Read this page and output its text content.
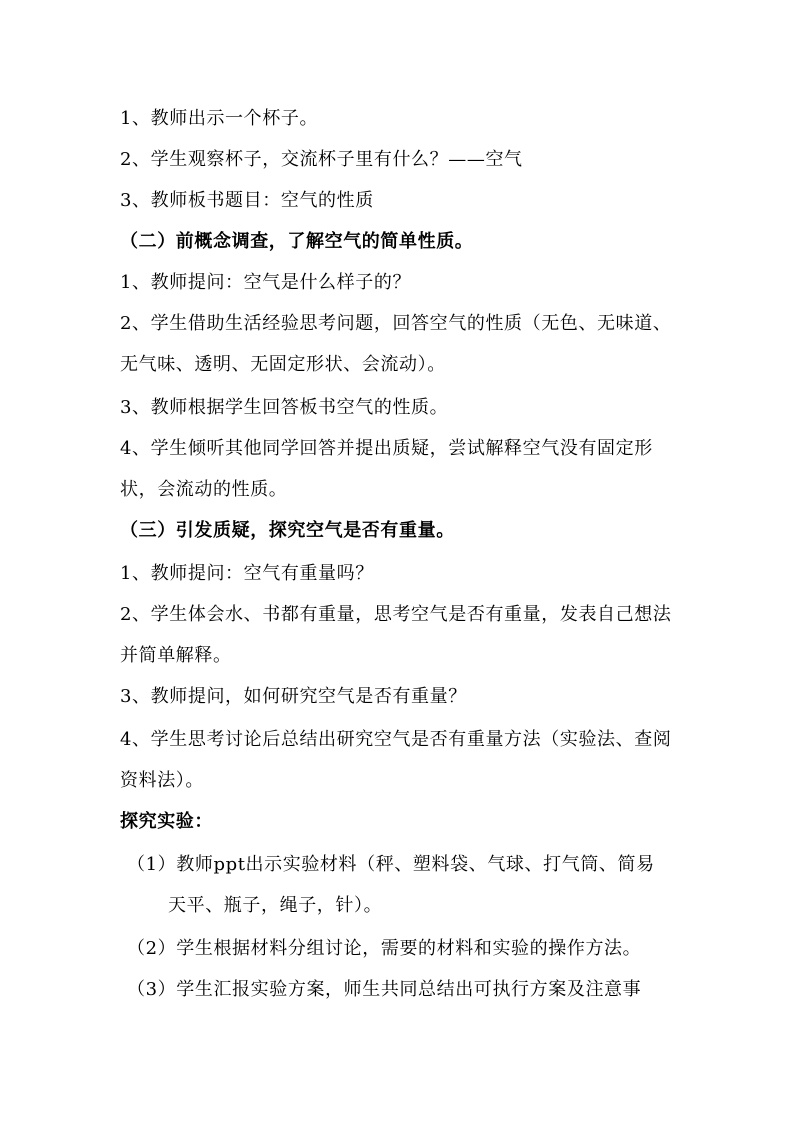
1、教师出示一个杯子。
2、学生观察杯子，交流杯子里有什么？——空气
3、教师板书题目：空气的性质
（二）前概念调查，了解空气的简单性质。
1、教师提问：空气是什么样子的？
2、学生借助生活经验思考问题，回答空气的性质（无色、无味道、
无气味、透明、无固定形状、会流动）。
3、教师根据学生回答板书空气的性质。
4、学生倾听其他同学回答并提出质疑，尝试解释空气没有固定形
状，会流动的性质。
（三）引发质疑，探究空气是否有重量。
1、教师提问：空气有重量吗？
2、学生体会水、书都有重量，思考空气是否有重量，发表自己想法
并简单解释。
3、教师提问，如何研究空气是否有重量？
4、学生思考讨论后总结出研究空气是否有重量方法（实验法、查阅
资料法）。
探究实验：
（1）教师ppt出示实验材料（秤、塑料袋、气球、打气筒、简易
天平、瓶子，绳子，针）。
（2）学生根据材料分组讨论，需要的材料和实验的操作方法。
（3）学生汇报实验方案，师生共同总结出可执行方案及注意事
